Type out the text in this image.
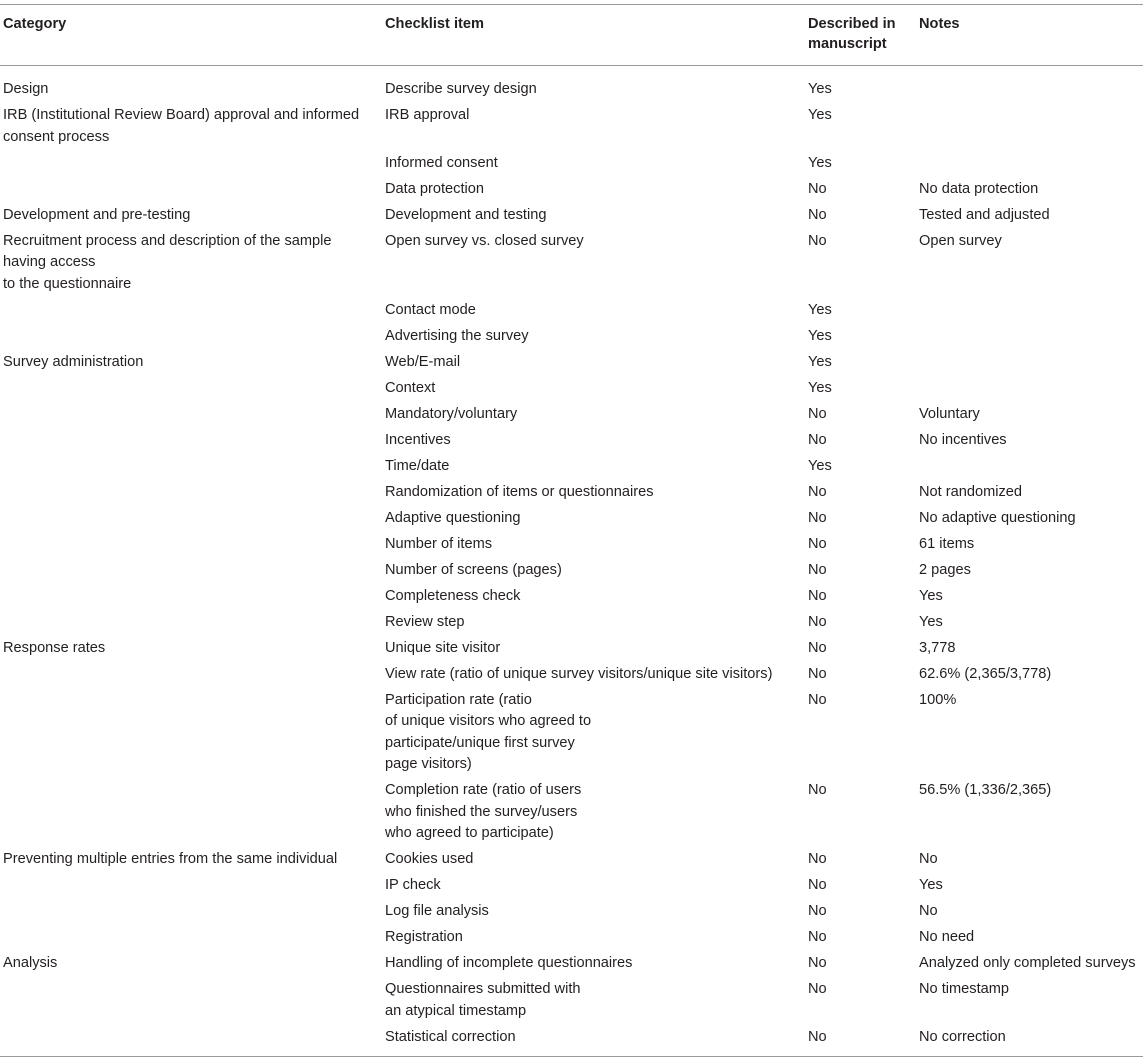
Category	Checklist item	Described in manuscript	Notes
Design	Describe survey design	Yes	
IRB (Institutional Review Board) approval and informed consent process	IRB approval	Yes	
	Informed consent	Yes	
	Data protection	No	No data protection
Development and pre-testing	Development and testing	No	Tested and adjusted
Recruitment process and description of the sample having access
to the questionnaire	Open survey vs. closed survey	No	Open survey
	Contact mode	Yes	
	Advertising the survey	Yes	
Survey administration	Web/E-mail	Yes	
	Context	Yes	
	Mandatory/voluntary	No	Voluntary
	Incentives	No	No incentives
	Time/date	Yes	
	Randomization of items or questionnaires	No	Not randomized
	Adaptive questioning	No	No adaptive questioning
	Number of items	No	61 items
	Number of screens (pages)	No	2 pages
	Completeness check	No	Yes
	Review step	No	Yes
Response rates	Unique site visitor	No	3,778
	View rate (ratio of unique survey visitors/unique site visitors)	No	62.6% (2,365/3,778)
	Participation rate (ratio
of unique visitors who agreed to
participate/unique first survey
page visitors)	No	100%
	Completion rate (ratio of users
who finished the survey/users
who agreed to participate)	No	56.5% (1,336/2,365)
Preventing multiple entries from the same individual	Cookies used	No	No
	IP check	No	Yes
	Log file analysis	No	No
	Registration	No	No need
Analysis	Handling of incomplete questionnaires	No	Analyzed only completed surveys
	Questionnaires submitted with
an atypical timestamp	No	No timestamp
	Statistical correction	No	No correction
